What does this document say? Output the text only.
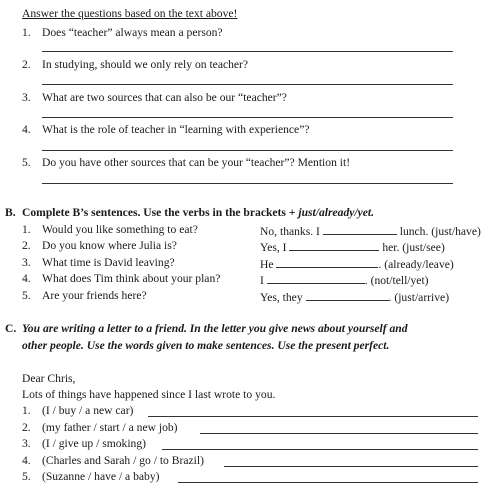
Answer the questions based on the text above!
1. Does “teacher” always mean a person?
2. In studying, should we only rely on teacher?
3. What are two sources that can also be our “teacher”?
4. What is the role of teacher in “learning with experience”?
5. Do you have other sources that can be your “teacher”? Mention it!
B. Complete B’s sentences. Use the verbs in the brackets + just/already/yet.
1. Would you like something to eat?	No, thanks. I	lunch. (just/have)
2. Do you know where Julia is?	Yes, I	her. (just/see)
3. What time is David leaving?	He	. (already/leave)
4. What does Tim think about your plan?	I	. (not/tell/yet)
5. Are your friends here?	Yes, they	. (just/arrive)
C. You are writing a letter to a friend. In the letter you give news about yourself and
other people. Use the words given to make sentences. Use the present perfect.
Dear Chris,
Lots of things have happened since I last wrote to you.
1. (I / buy / a new car)
2. (my father / start / a new job)
3. (I / give up / smoking)
4. (Charles and Sarah / go / to Brazil)
5. (Suzanne / have / a baby)
